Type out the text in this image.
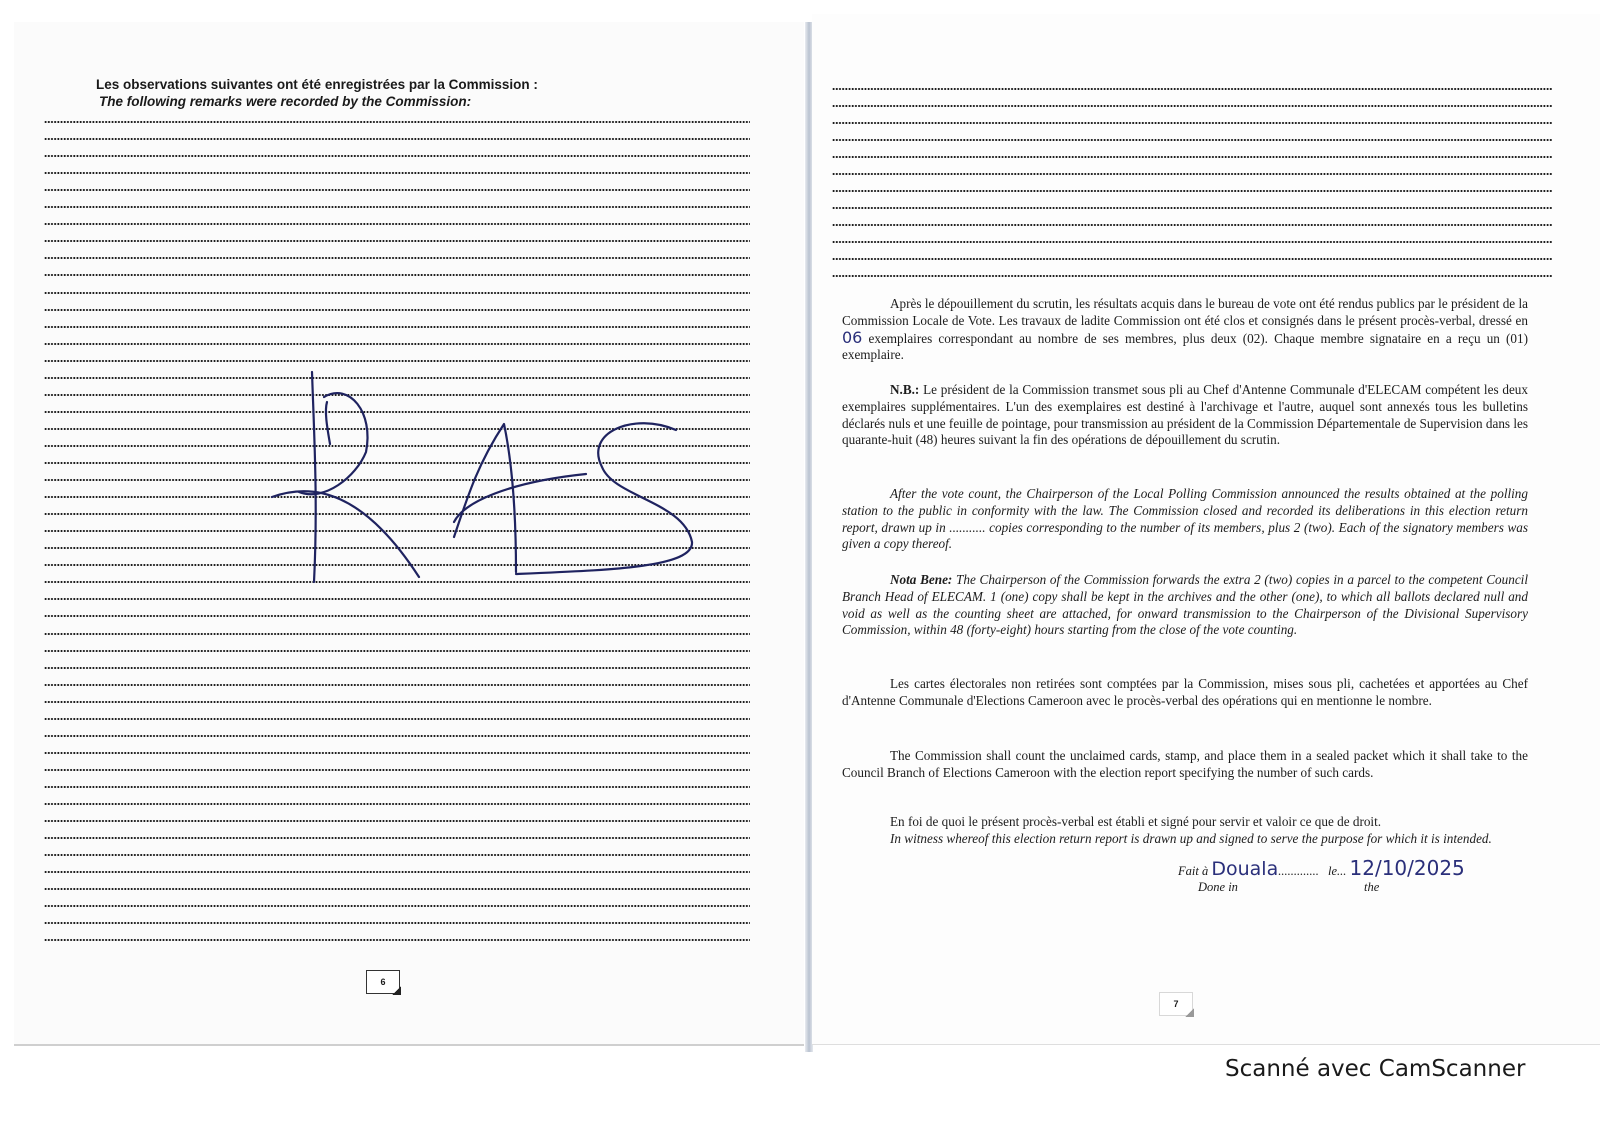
Les observations suivantes ont été enregistrées par la Commission :
The following remarks were recorded by the Commission:
6

Après le dépouillement du scrutin, les résultats acquis dans le bureau de vote ont été rendus publics par le président de la Commission Locale de Vote. Les travaux de ladite Commission ont été clos et consignés dans le présent procès-verbal, dressé en 06 exemplaires correspondant au nombre de ses membres, plus deux (02). Chaque membre signataire en a reçu un (01) exemplaire.

N.B.: Le président de la Commission transmet sous pli au Chef d'Antenne Communale d'ELECAM compétent les deux exemplaires supplémentaires. L'un des exemplaires est destiné à l'archivage et l'autre, auquel sont annexés tous les bulletins déclarés nuls et une feuille de pointage, pour transmission au président de la Commission Départementale de Supervision dans les quarante-huit (48) heures suivant la fin des opérations de dépouillement du scrutin.

After the vote count, the Chairperson of the Local Polling Commission announced the results obtained at the polling station to the public in conformity with the law. The Commission closed and recorded its deliberations in this election return report, drawn up in ........... copies corresponding to the number of its members, plus 2 (two). Each of the signatory members was given a copy thereof.

Nota Bene: The Chairperson of the Commission forwards the extra 2 (two) copies in a parcel to the competent Council Branch Head of ELECAM. 1 (one) copy shall be kept in the archives and the other (one), to which all ballots declared null and void as well as the counting sheet are attached, for onward transmission to the Chairperson of the Divisional Supervisory Commission, within 48 (forty-eight) hours starting from the close of the vote counting.

Les cartes électorales non retirées sont comptées par la Commission, mises sous pli, cachetées et apportées au Chef d'Antenne Communale d'Elections Cameroon avec le procès-verbal des opérations qui en mentionne le nombre.

The Commission shall count the unclaimed cards, stamp, and place them in a sealed packet which it shall take to the Council Branch of Elections Cameroon with the election report specifying the number of such cards.

En foi de quoi le présent procès-verbal est établi et signé pour servir et valoir ce que de droit.

In witness whereof this election return report is drawn up and signed to serve the purpose for which it is intended.

Fait à Douala............. le... 12/10/2025
Done in	the
7
Scanné avec CamScanner
